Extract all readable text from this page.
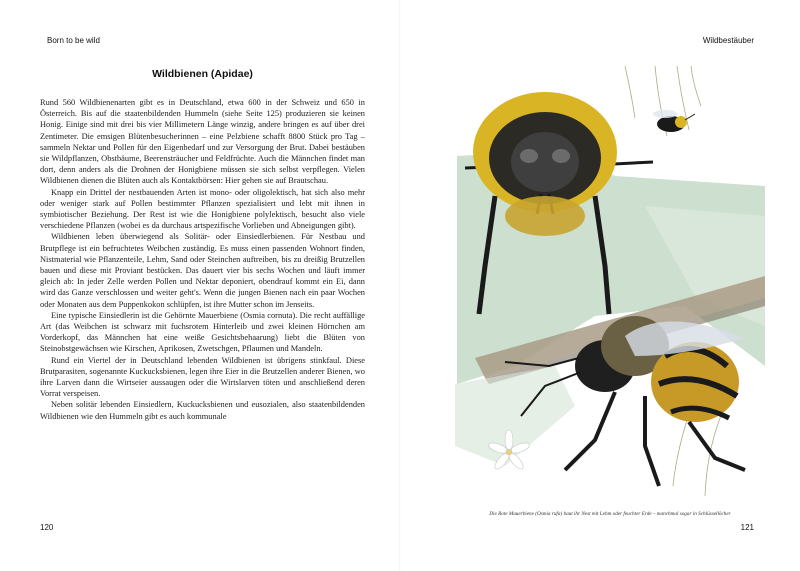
Born to be wild
Wildbienen (Apidae)

Rund 560 Wildbienenarten gibt es in Deutschland, etwa 600 in der Schweiz und 650 in Österreich. Bis auf die staatenbildenden Hummeln (siehe Seite 125) produzieren sie keinen Honig. Einige sind mit drei bis vier Millimetern Länge winzig, andere bringen es auf über drei Zentimeter. Die emsigen Blütenbesucherinnen – eine Pelzbiene schafft 8800 Stück pro Tag – sammeln Nektar und Pollen für den Eigenbedarf und zur Versorgung der Brut. Dabei bestäuben sie Wildpflanzen, Obstbäume, Beerensträucher und Feldfrüchte. Auch die Männchen findet man dort, denn anders als die Drohnen der Honigbiene müssen sie sich selbst verpflegen. Vielen Wildbienen dienen die Blüten auch als Kontaktbörsen: Hier gehen sie auf Brautschau.

Knapp ein Drittel der nestbauenden Arten ist mono- oder oligolektisch, hat sich also mehr oder weniger stark auf Pollen bestimmter Pflanzen spezialisiert und lebt mit ihnen in symbiotischer Beziehung. Der Rest ist wie die Honigbiene polylektisch, besucht also viele verschiedene Pflanzen (wobei es da durchaus artspezifische Vorlieben und Abneigungen gibt).

Wildbienen leben überwiegend als Solitär- oder Einsiedlerbienen. Für Nestbau und Brutpflege ist ein befruchtetes Weibchen zuständig. Es muss einen passenden Wohnort finden, Nistmaterial wie Pflanzenteile, Lehm, Sand oder Steinchen auftreiben, bis zu dreißig Brutzellen bauen und diese mit Proviant bestücken. Das dauert vier bis sechs Wochen und läuft immer gleich ab: In jeder Zelle werden Pollen und Nektar deponiert, obendrauf kommt ein Ei, dann wird das Ganze verschlossen und weiter geht's. Wenn die jungen Bienen nach ein paar Wochen oder Monaten aus dem Puppenkokon schlüpfen, ist ihre Mutter schon im Jenseits.

Eine typische Einsiedlerin ist die Gehörnte Mauerbiene (Osmia cornuta). Die recht auffällige Art (das Weibchen ist schwarz mit fuchsrotem Hinterleib und zwei kleinen Hörnchen am Vorderkopf, das Männchen hat eine weiße Gesichtsbehaarung) liebt die Blüten von Steinobstgewächsen wie Kirschen, Aprikosen, Zwetschgen, Pflaumen und Mandeln.

Rund ein Viertel der in Deutschland lebenden Wildbienen ist übrigens stinkfaul. Diese Brutparasiten, sogenannte Kuckucksbienen, legen ihre Eier in die Brutzellen anderer Bienen, wo ihre Larven dann die Wirtseier aussaugen oder die Wirtslarven töten und anschließend deren Vorrat verspeisen.

Neben solitär lebenden Einsiedlern, Kuckucksbienen und eusozialen, also staatenbildenden Wildbienen wie den Hummeln gibt es auch kommunale

120
Wildbestäuber
Die Rote Mauerbiene (Osmia rufa) baut ihr Nest mit Lehm oder feuchter Erde – manchmal sogar in Schlüssellöcher
121
